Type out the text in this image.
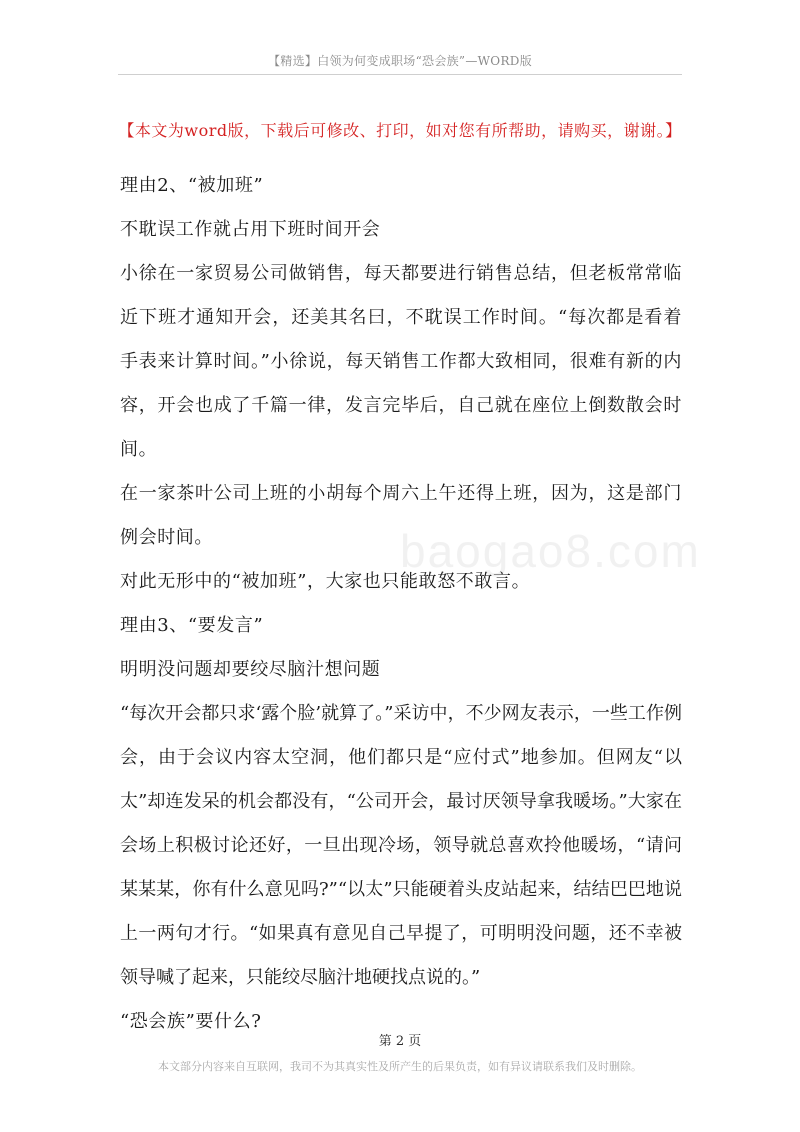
【精选】白领为何变成职场“恐会族”—WORD版
【本文为word版，下载后可修改、打印，如对您有所帮助，请购买，谢谢。】

理由2、“被加班”

不耽误工作就占用下班时间开会

小徐在一家贸易公司做销售，每天都要进行销售总结，但老板常常临近下班才通知开会，还美其名曰，不耽误工作时间。“每次都是看着手表来计算时间。”小徐说，每天销售工作都大致相同，很难有新的内容，开会也成了千篇一律，发言完毕后，自己就在座位上倒数散会时间。

在一家茶叶公司上班的小胡每个周六上午还得上班，因为，这是部门例会时间。

对此无形中的“被加班”，大家也只能敢怒不敢言。

理由3、“要发言”

明明没问题却要绞尽脑汁想问题

“每次开会都只求‘露个脸’就算了。”采访中，不少网友表示，一些工作例会，由于会议内容太空洞，他们都只是“应付式”地参加。但网友“以太”却连发呆的机会都没有，“公司开会，最讨厌领导拿我暖场。”大家在会场上积极讨论还好，一旦出现冷场，领导就总喜欢拎他暖场，“请问某某某，你有什么意见吗?”“以太”只能硬着头皮站起来，结结巴巴地说上一两句才行。“如果真有意见自己早提了，可明明没问题，还不幸被领导喊了起来，只能绞尽脑汁地硬找点说的。”

“恐会族”要什么?

baogao8.com
第 2 页
本文部分内容来自互联网，我司不为其真实性及所产生的后果负责，如有异议请联系我们及时删除。
